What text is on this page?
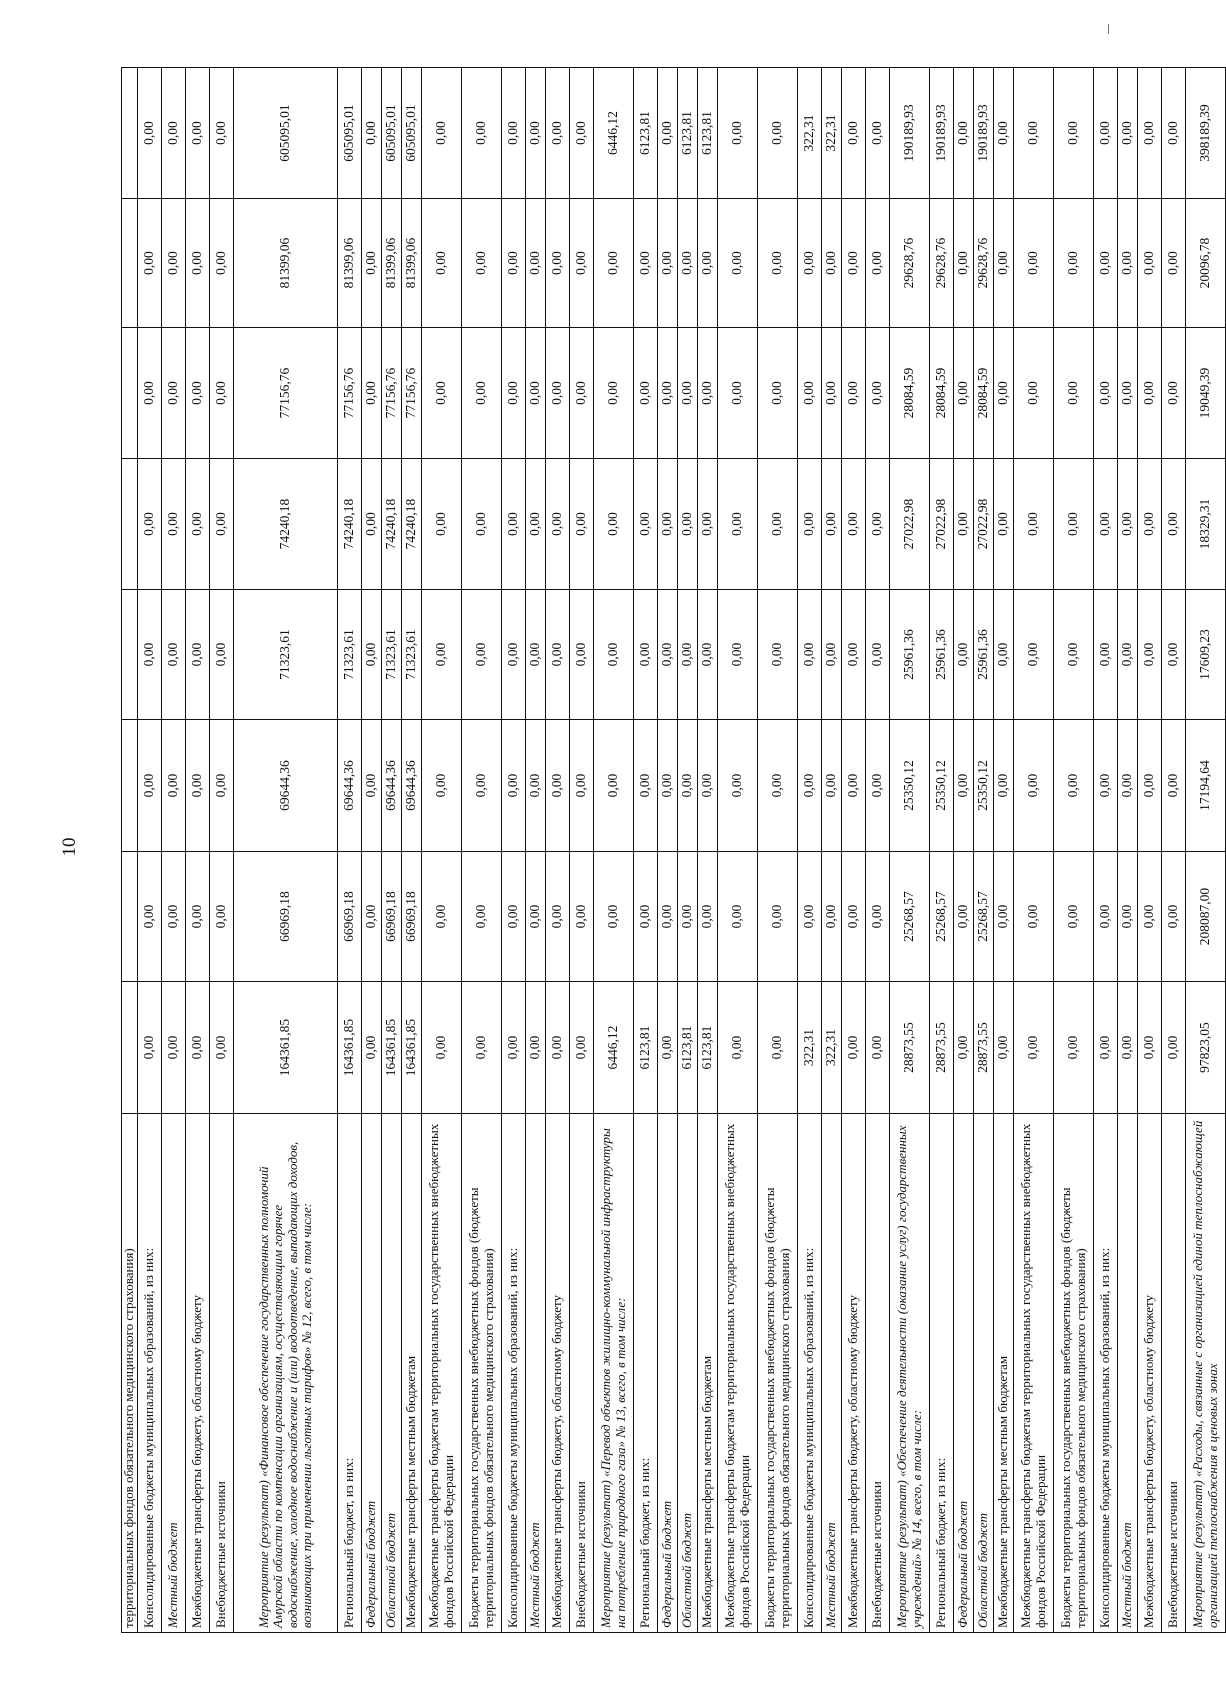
10
территориальных фондов обязательного медицинского страхования)								
Консолидированные бюджеты муниципальных образований, из них:	0,00	0,00	0,00	0,00	0,00	0,00	0,00	0,00
Местный бюджет	0,00	0,00	0,00	0,00	0,00	0,00	0,00	0,00
Межбюджетные трансферты бюджету, областному бюджету	0,00	0,00	0,00	0,00	0,00	0,00	0,00	0,00
Внебюджетные источники	0,00	0,00	0,00	0,00	0,00	0,00	0,00	0,00
Мероприятие (результат) «Финансовое обеспечение государственных полномочий Амурской области по компенсации организациям, осуществляющим горячее водоснабжение, холодное водоснабжение и (или) водоотведение, выпадающих доходов, возникающих при применении льготных тарифов» № 12, всего, в том числе:	164361,85	66969,18	69644,36	71323,61	74240,18	77156,76	81399,06	605095,01
Региональный бюджет, из них:	164361,85	66969,18	69644,36	71323,61	74240,18	77156,76	81399,06	605095,01
Федеральный бюджет	0,00	0,00	0,00	0,00	0,00	0,00	0,00	0,00
Областной бюджет	164361,85	66969,18	69644,36	71323,61	74240,18	77156,76	81399,06	605095,01
Межбюджетные трансферты местным бюджетам	164361,85	66969,18	69644,36	71323,61	74240,18	77156,76	81399,06	605095,01
Межбюджетные трансферты бюджетам территориальных государственных внебюджетных фондов Российской Федерации	0,00	0,00	0,00	0,00	0,00	0,00	0,00	0,00
Бюджеты территориальных государственных внебюджетных фондов (бюджеты территориальных фондов обязательного медицинского страхования)	0,00	0,00	0,00	0,00	0,00	0,00	0,00	0,00
Консолидированные бюджеты муниципальных образований, из них:	0,00	0,00	0,00	0,00	0,00	0,00	0,00	0,00
Местный бюджет	0,00	0,00	0,00	0,00	0,00	0,00	0,00	0,00
Межбюджетные трансферты бюджету, областному бюджету	0,00	0,00	0,00	0,00	0,00	0,00	0,00	0,00
Внебюджетные источники	0,00	0,00	0,00	0,00	0,00	0,00	0,00	0,00
Мероприятие (результат) «Перевод объектов жилищно-коммунальной инфраструктуры на потребление природного газа» № 13, всего, в том числе:	6446,12	0,00	0,00	0,00	0,00	0,00	0,00	6446,12
Региональный бюджет, из них:	6123,81	0,00	0,00	0,00	0,00	0,00	0,00	6123,81
Федеральный бюджет	0,00	0,00	0,00	0,00	0,00	0,00	0,00	0,00
Областной бюджет	6123,81	0,00	0,00	0,00	0,00	0,00	0,00	6123,81
Межбюджетные трансферты местным бюджетам	6123,81	0,00	0,00	0,00	0,00	0,00	0,00	6123,81
Межбюджетные трансферты бюджетам территориальных государственных внебюджетных фондов Российской Федерации	0,00	0,00	0,00	0,00	0,00	0,00	0,00	0,00
Бюджеты территориальных государственных внебюджетных фондов (бюджеты территориальных фондов обязательного медицинского страхования)	0,00	0,00	0,00	0,00	0,00	0,00	0,00	0,00
Консолидированные бюджеты муниципальных образований, из них:	322,31	0,00	0,00	0,00	0,00	0,00	0,00	322,31
Местный бюджет	322,31	0,00	0,00	0,00	0,00	0,00	0,00	322,31
Межбюджетные трансферты бюджету, областному бюджету	0,00	0,00	0,00	0,00	0,00	0,00	0,00	0,00
Внебюджетные источники	0,00	0,00	0,00	0,00	0,00	0,00	0,00	0,00
Мероприятие (результат) «Обеспечение деятельности (оказание услуг) государственных учреждений» № 14, всего, в том числе:	28873,55	25268,57	25350,12	25961,36	27022,98	28084,59	29628,76	190189,93
Региональный бюджет, из них:	28873,55	25268,57	25350,12	25961,36	27022,98	28084,59	29628,76	190189,93
Федеральный бюджет	0,00	0,00	0,00	0,00	0,00	0,00	0,00	0,00
Областной бюджет	28873,55	25268,57	25350,12	25961,36	27022,98	28084,59	29628,76	190189,93
Межбюджетные трансферты местным бюджетам	0,00	0,00	0,00	0,00	0,00	0,00	0,00	0,00
Межбюджетные трансферты бюджетам территориальных государственных внебюджетных фондов Российской Федерации	0,00	0,00	0,00	0,00	0,00	0,00	0,00	0,00
Бюджеты территориальных государственных внебюджетных фондов (бюджеты территориальных фондов обязательного медицинского страхования)	0,00	0,00	0,00	0,00	0,00	0,00	0,00	0,00
Консолидированные бюджеты муниципальных образований, из них:	0,00	0,00	0,00	0,00	0,00	0,00	0,00	0,00
Местный бюджет	0,00	0,00	0,00	0,00	0,00	0,00	0,00	0,00
Межбюджетные трансферты бюджету, областному бюджету	0,00	0,00	0,00	0,00	0,00	0,00	0,00	0,00
Внебюджетные источники	0,00	0,00	0,00	0,00	0,00	0,00	0,00	0,00
Мероприятие (результат) «Расходы, связанные с организацией единой теплоснабжающей организацией теплоснабжения в ценовых зонах	97823,05	208087,00	17194,64	17609,23	18329,31	19049,39	20096,78	398189,39
